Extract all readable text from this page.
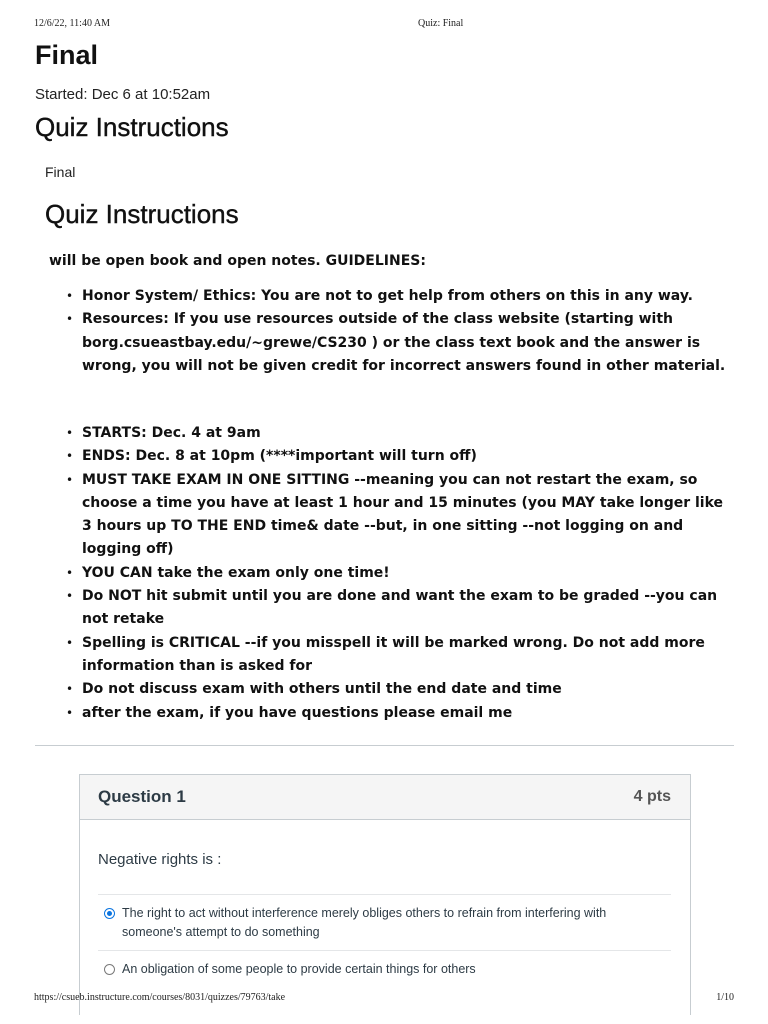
12/6/22, 11:40 AM	Quiz: Final
Final
Started: Dec 6 at 10:52am
Quiz Instructions
Final
Quiz Instructions
will be open book and open notes. GUIDELINES:
• Honor System/ Ethics: You are not to get help from others on this in any way.
• Resources: If you use resources outside of the class website (starting with borg.csueastbay.edu/~grewe/CS230 ) or the class text book and the answer is wrong, you will not be given credit for incorrect answers found in other material.
• STARTS: Dec. 4 at 9am
• ENDS: Dec. 8 at 10pm (****important will turn off)
• MUST TAKE EXAM IN ONE SITTING --meaning you can not restart the exam, so choose a time you have at least 1 hour and 15 minutes (you MAY take longer like 3 hours up TO THE END time& date --but, in one sitting --not logging on and logging off)
• YOU CAN take the exam only one time!
• Do NOT hit submit until you are done and want the exam to be graded --you can not retake
• Spelling is CRITICAL --if you misspell it will be marked wrong. Do not add more information than is asked for
• Do not discuss exam with others until the end date and time
• after the exam, if you have questions please email me
Question 1	4 pts
Negative rights is :
The right to act without interference merely obliges others to refrain from interfering with someone's attempt to do something
An obligation of some people to provide certain things for others
https://csueb.instructure.com/courses/8031/quizzes/79763/take	1/10
